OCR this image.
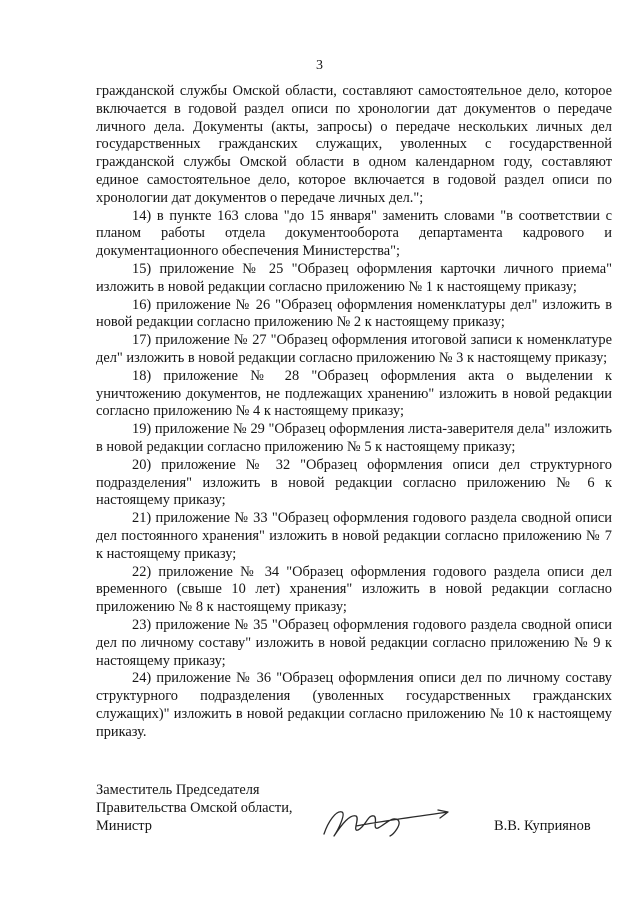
3

гражданской службы Омской области, составляют самостоятельное дело, которое включается в годовой раздел описи по хронологии дат документов о передаче личного дела. Документы (акты, запросы) о передаче нескольких личных дел государственных гражданских служащих, уволенных с государственной гражданской службы Омской области в одном календарном году, составляют единое самостоятельное дело, которое включается в годовой раздел описи по хронологии дат документов о передаче личных дел.";

14) в пункте 163 слова "до 15 января" заменить словами "в соответствии с планом работы отдела документооборота департамента кадрового и документационного обеспечения Министерства";

15) приложение № 25 "Образец оформления карточки личного приема" изложить в новой редакции согласно приложению № 1 к настоящему приказу;

16) приложение № 26 "Образец оформления номенклатуры дел" изложить в новой редакции согласно приложению № 2 к настоящему приказу;

17) приложение № 27 "Образец оформления итоговой записи к номенклатуре дел" изложить в новой редакции согласно приложению № 3 к настоящему приказу;

18) приложение № 28 "Образец оформления акта о выделении к уничтожению документов, не подлежащих хранению" изложить в новой редакции согласно приложению № 4 к настоящему приказу;

19) приложение № 29 "Образец оформления листа-заверителя дела" изложить в новой редакции согласно приложению № 5 к настоящему приказу;

20) приложение № 32 "Образец оформления описи дел структурного подразделения" изложить в новой редакции согласно приложению № 6 к настоящему приказу;

21) приложение № 33 "Образец оформления годового раздела сводной описи дел постоянного хранения" изложить в новой редакции согласно приложению № 7 к настоящему приказу;

22) приложение № 34 "Образец оформления годового раздела описи дел временного (свыше 10 лет) хранения" изложить в новой редакции согласно приложению № 8 к настоящему приказу;

23) приложение № 35 "Образец оформления годового раздела сводной описи дел по личному составу" изложить в новой редакции согласно приложению № 9 к настоящему приказу;

24) приложение № 36 "Образец оформления описи дел по личному составу структурного подразделения (уволенных государственных гражданских служащих)" изложить в новой редакции согласно приложению № 10 к настоящему приказу.

Заместитель Председателя
Правительства Омской области,
Министр	В.В. Куприянов
